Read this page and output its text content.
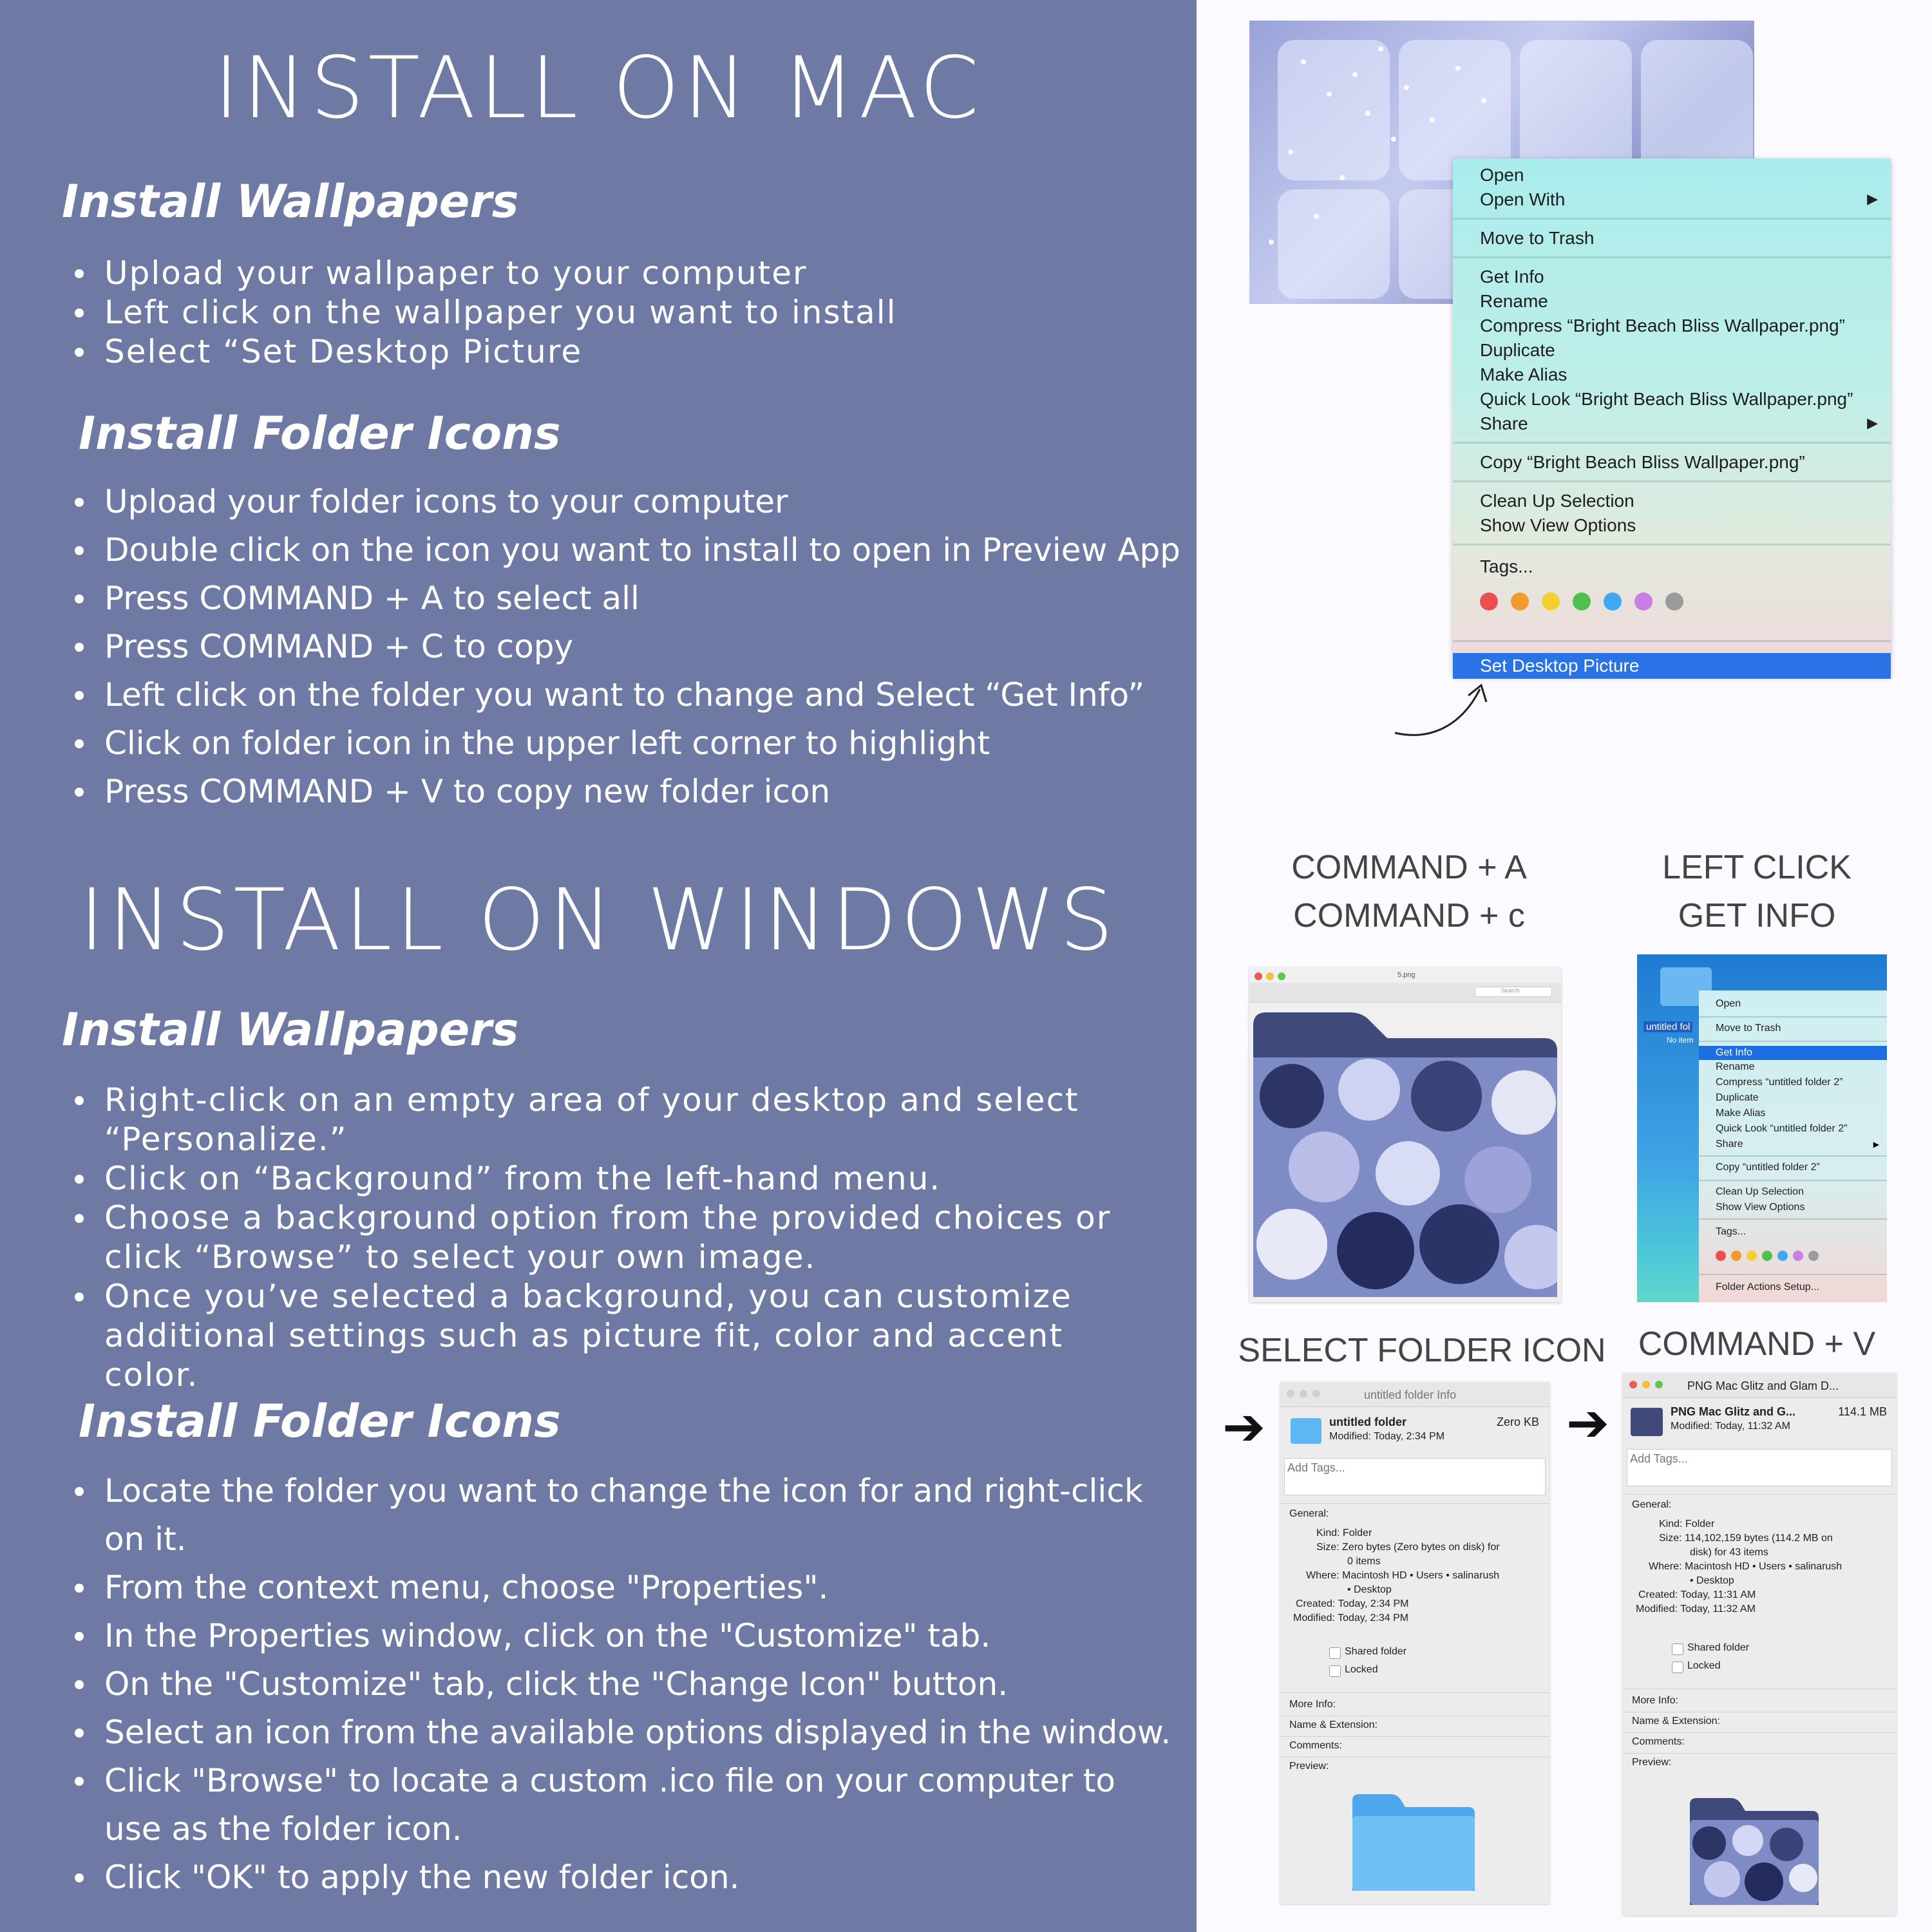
INSTALL ON MAC
Install Wallpapers
Upload your wallpaper to your computer
Left click on the wallpaper you want to install
Select “Set Desktop Picture
Install Folder Icons
Upload your folder icons to your computer
Double click on the icon you want to install to open in Preview App
Press COMMAND + A to select all
Press COMMAND + C to copy
Left click on the folder you want to change and Select “Get Info”
Click on folder icon in the upper left corner to highlight
Press COMMAND + V to copy new folder icon
INSTALL ON WINDOWS
Install Wallpapers
Right-click on an empty area of your desktop and select “Personalize.”
Click on “Background” from the left-hand menu.
Choose a background option from the provided choices or click “Browse” to select your own image.
Once you’ve selected a background, you can customize additional settings such as picture fit, color and accent color.
Install Folder Icons
Locate the folder you want to change the icon for and right-click on it.
From the context menu, choose "Properties".
In the Properties window, click on the "Customize" tab.
On the "Customize" tab, click the "Change Icon" button.
Select an icon from the available options displayed in the window.
Click "Browse" to locate a custom .ico file on your computer to use as the folder icon.
Click "OK" to apply the new folder icon.
Open
Open With	▶
Move to Trash
Get Info
Rename
Compress “Bright Beach Bliss Wallpaper.png”
Duplicate
Make Alias
Quick Look “Bright Beach Bliss Wallpaper.png”
Share	▶
Copy “Bright Beach Bliss Wallpaper.png”
Clean Up Selection
Show View Options
Tags...
Set Desktop Picture
COMMAND + A
COMMAND + c
LEFT CLICK
GET INFO
5.png
Search
untitled fol
No item
Open
Move to Trash
Get Info
Rename
Compress “untitled folder 2”
Duplicate
Make Alias
Quick Look “untitled folder 2”
Share	▶
Copy “untitled folder 2”
Clean Up Selection
Show View Options
Tags...
Folder Actions Setup...
SELECT FOLDER ICON COMMAND + V
➔	➔
untitled folder Info
untitled folder	Zero KB
Modified: Today, 2:34 PM
Add Tags...
General:
Kind: Folder
Size: Zero bytes (Zero bytes on disk) for
0 items
Where: Macintosh HD • Users • salinarush
• Desktop
Created: Today, 2:34 PM
Modified: Today, 2:34 PM
Shared folder
Locked
More Info:
Name & Extension:
Comments:
Preview:
PNG Mac Glitz and Glam D...
PNG Mac Glitz and G...	114.1 MB
Modified: Today, 11:32 AM
Add Tags...
General:
Kind: Folder
Size: 114,102,159 bytes (114.2 MB on
disk) for 43 items
Where: Macintosh HD • Users • salinarush
• Desktop
Created: Today, 11:31 AM
Modified: Today, 11:32 AM
Shared folder
Locked
More Info:
Name & Extension:
Comments:
Preview:
